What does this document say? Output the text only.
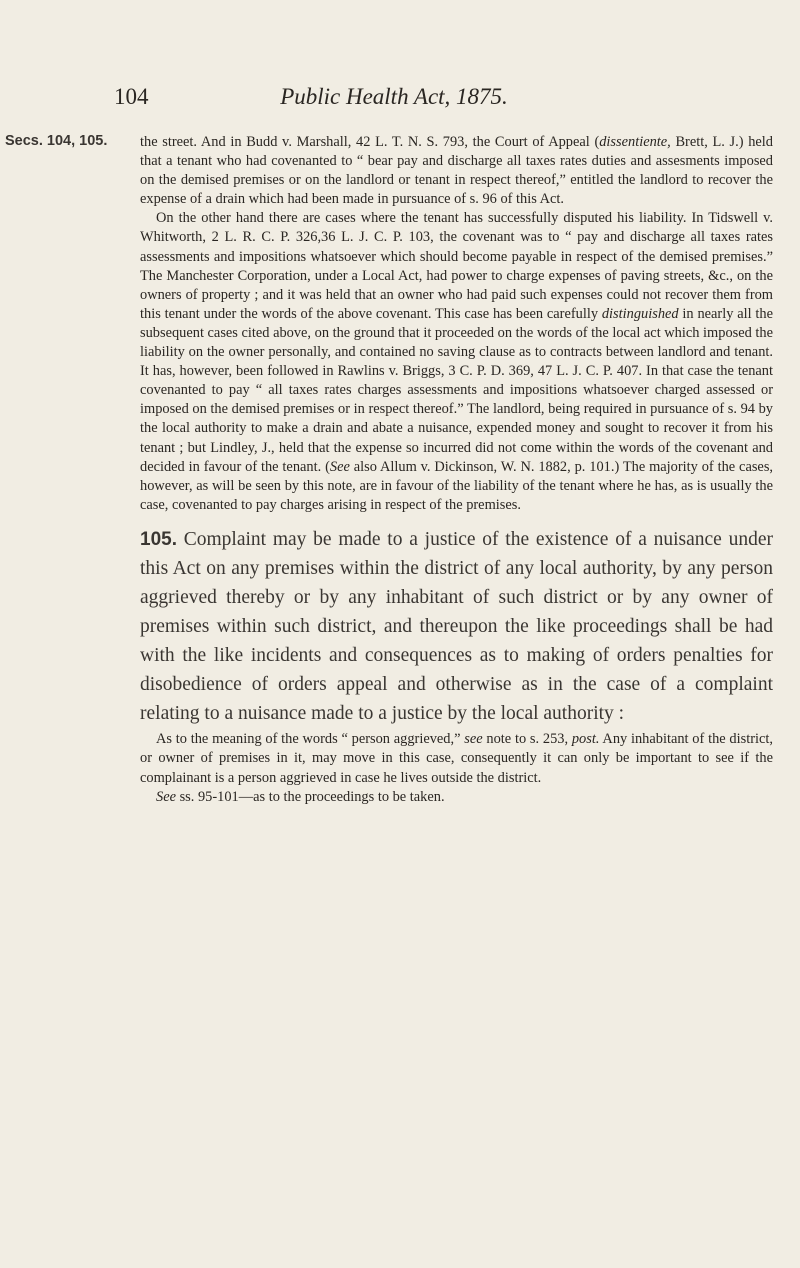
104	Public Health Act, 1875.
Secs. 104, 105. the street. And in Budd v. Marshall, 42 L. T. N. S. 793, the Court of Appeal (dissentiente, Brett, L. J.) held that a tenant who had covenanted to “ bear pay and discharge all taxes rates duties and assesments imposed on the demised premises or on the landlord or tenant in respect thereof,” entitled the landlord to recover the expense of a drain which had been made in pursuance of s. 96 of this Act.

On the other hand there are cases where the tenant has successfully disputed his liability. In Tidswell v. Whitworth, 2 L. R. C. P. 326,36 L. J. C. P. 103, the covenant was to “ pay and discharge all taxes rates assessments and impositions whatsoever which should become payable in respect of the demised premises.” The Manchester Corporation, under a Local Act, had power to charge expenses of paving streets, &c., on the owners of property ; and it was held that an owner who had paid such expenses could not recover them from this tenant under the words of the above covenant. This case has been carefully distinguished in nearly all the subsequent cases cited above, on the ground that it proceeded on the words of the local act which imposed the liability on the owner personally, and contained no saving clause as to contracts between landlord and tenant. It has, however, been followed in Rawlins v. Briggs, 3 C. P. D. 369, 47 L. J. C. P. 407. In that case the tenant covenanted to pay “ all taxes rates charges assessments and impositions whatsoever charged assessed or imposed on the demised premises or in respect thereof.” The landlord, being required in pursuance of s. 94 by the local authority to make a drain and abate a nuisance, expended money and sought to recover it from his tenant ; but Lindley, J., held that the expense so incurred did not come within the words of the covenant and decided in favour of the tenant. (See also Allum v. Dickinson, W. N. 1882, p. 101.) The majority of the cases, however, as will be seen by this note, are in favour of the liability of the tenant where he has, as is usually the case, covenanted to pay charges arising in respect of the premises.

105. Complaint may be made to a justice of the existence of a nuisance under this Act on any premises within the district of any local authority, by any person aggrieved thereby or by any inhabitant of such district or by any owner of premises within such district, and thereupon the like proceedings shall be had with the like incidents and consequences as to making of orders penalties for disobedience of orders appeal and otherwise as in the case of a complaint relating to a nuisance made to a justice by the local authority :

As to the meaning of the words “ person aggrieved,” see note to s. 253, post. Any inhabitant of the district, or owner of premises in it, may move in this case, consequently it can only be important to see if the complainant is a person aggrieved in case he lives outside the district.

See ss. 95-101—as to the proceedings to be taken.
